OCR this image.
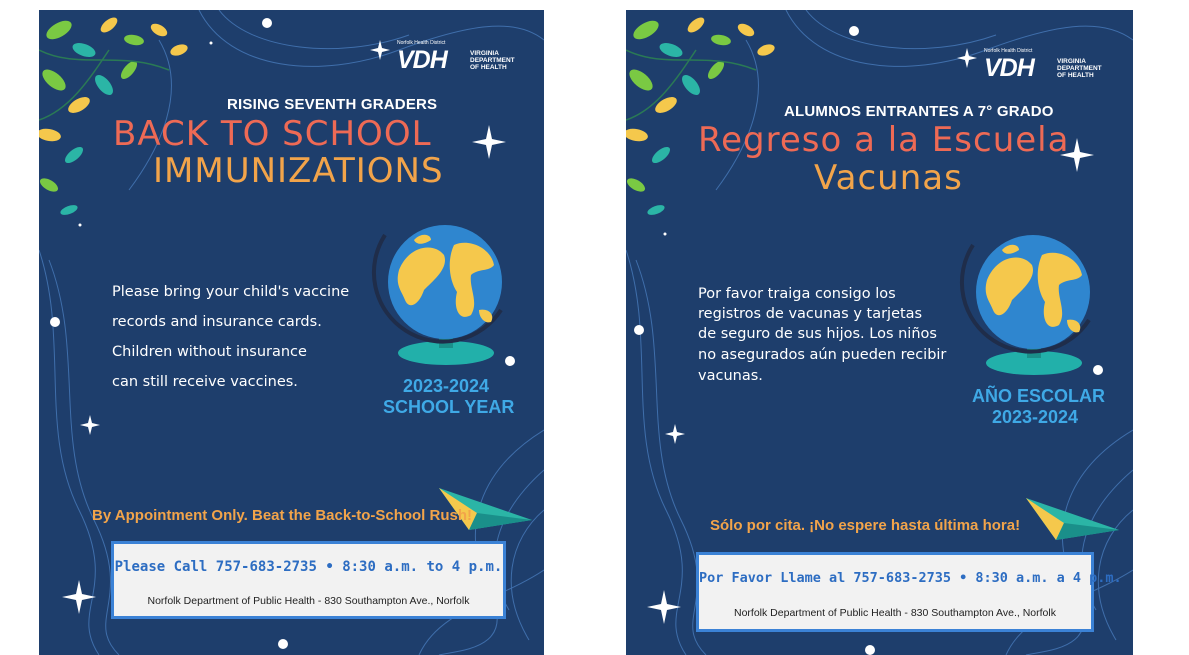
Norfolk Health District
VDH	VIRGINIA
DEPARTMENT
OF HEALTH

RISING SEVENTH GRADERS

BACK TO SCHOOL

IMMUNIZATIONS

Please bring your child's vaccine

records and insurance cards.

Children without insurance

can still receive vaccines.	2023-2024
SCHOOL YEAR

By Appointment Only. Beat the Back-to-School Rush!

Please Call 757-683-2735 • 8:30 a.m. to 4 p.m.
Norfolk Department of Public Health - 830 Southampton Ave., Norfolk
Norfolk Health District
VDH	VIRGINIA
DEPARTMENT
OF HEALTH

ALUMNOS ENTRANTES A 7° GRADO

Regreso a la Escuela

Vacunas

Por favor traiga consigo los

registros de vacunas y tarjetas

de seguro de sus hijos. Los niños

no asegurados aún pueden recibir

vacunas.

AÑO ESCOLAR
2023-2024

Sólo por cita. ¡No espere hasta última hora!

Por Favor Llame al 757-683-2735 • 8:30 a.m. a 4 p.m.
Norfolk Department of Public Health - 830 Southampton Ave., Norfolk
